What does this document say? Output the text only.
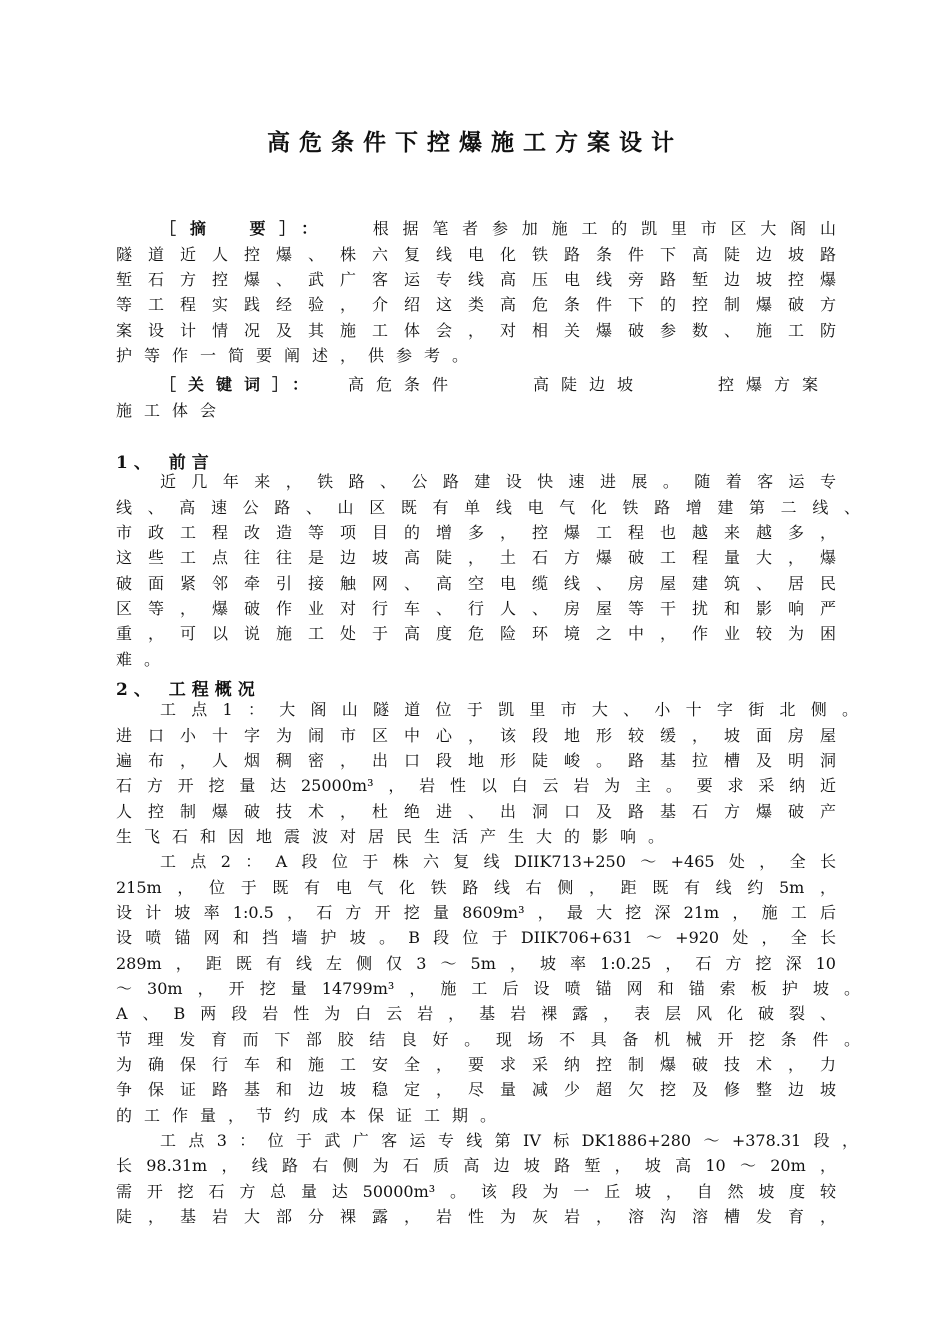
高危条件下控爆施工方案设计
［摘　要］： 根据笔者参加施工的凯里市区大阁山
隧道近人控爆、株六复线电化铁路条件下高陡边坡路
堑石方控爆、武广客运专线高压电线旁路堑边坡控爆
等工程实践经验，介绍这类高危条件下的控制爆破方
案设计情况及其施工体会，对相关爆破参数、施工防
护等作一简要阐述，供参考。
［关键词］： 高危条件	高陡边坡	控爆方案
施工体会
1、 前言
近几年来，铁路、公路建设快速进展。随着客运专
线、高速公路、山区既有单线电气化铁路增建第二线、
市政工程改造等项目的增多，控爆工程也越来越多，
这些工点往往是边坡高陡，土石方爆破工程量大，爆
破面紧邻牵引接触网、高空电缆线、房屋建筑、居民
区等，爆破作业对行车、行人、房屋等干扰和影响严
重，可以说施工处于高度危险环境之中，作业较为困
难。
2、 工程概况
工点1：大阁山隧道位于凯里市大、小十字街北侧。
进口小十字为闹市区中心，该段地形较缓，坡面房屋
遍布，人烟稠密，出口段地形陡峻。路基拉槽及明洞
石方开挖量达25000m³，岩性以白云岩为主。要求采纳近
人控制爆破技术，杜绝进、出洞口及路基石方爆破产
生飞石和因地震波对居民生活产生大的影响。
工点2：A段位于株六复线DIIK713+250～+465处，全长
215m，位于既有电气化铁路线右侧，距既有线约5m，
设计坡率1:0.5，石方开挖量8609m³，最大挖深21m，施工后
设喷锚网和挡墙护坡。B段位于DIIK706+631～+920处，全长
289m，距既有线左侧仅3～5m，坡率1:0.25，石方挖深10
～30m，开挖量14799m³，施工后设喷锚网和锚索板护坡。
A、B两段岩性为白云岩，基岩裸露，表层风化破裂、
节理发育而下部胶结良好。现场不具备机械开挖条件。
为确保行车和施工安全，要求采纳控制爆破技术，力
争保证路基和边坡稳定，尽量减少超欠挖及修整边坡
的工作量，节约成本保证工期。
工点3：位于武广客运专线第IV标DK1886+280～+378.31段，
长98.31m，线路右侧为石质高边坡路堑，坡高10～20m，
需开挖石方总量达50000m³。该段为一丘坡，自然坡度较
陡，基岩大部分裸露，岩性为灰岩，溶沟溶槽发育，
